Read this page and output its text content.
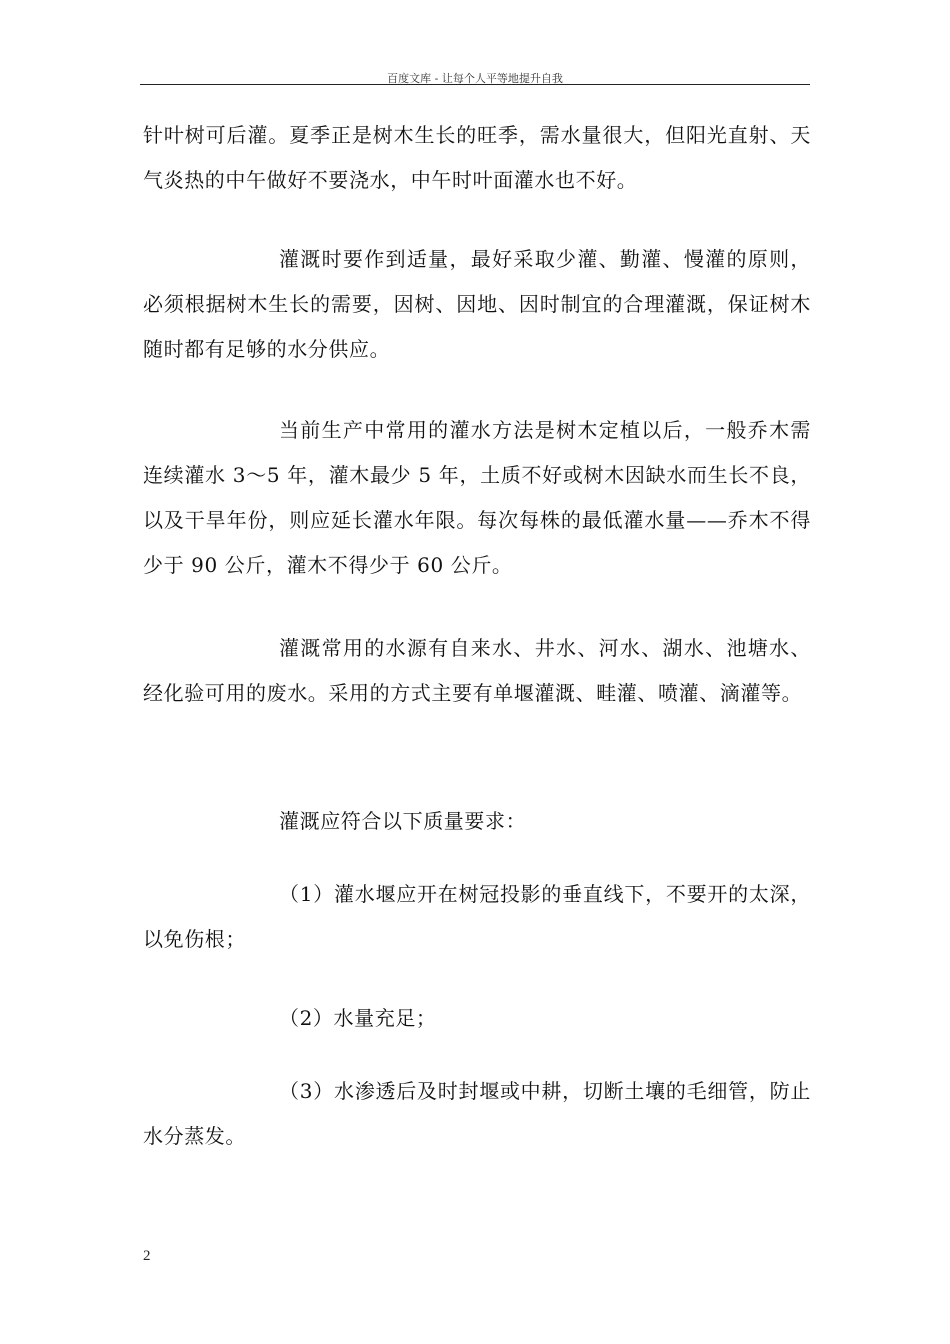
百度文库 - 让每个人平等地提升自我

针叶树可后灌。夏季正是树木生长的旺季，需水量很大，但阳光直射、天气炎热的中午做好不要浇水，中午时叶面灌水也不好。

灌溉时要作到适量，最好采取少灌、勤灌、慢灌的原则，必须根据树木生长的需要，因树、因地、因时制宜的合理灌溉，保证树木随时都有足够的水分供应。

当前生产中常用的灌水方法是树木定植以后，一般乔木需连续灌水 3～5 年，灌木最少 5 年，土质不好或树木因缺水而生长不良，以及干旱年份，则应延长灌水年限。每次每株的最低灌水量——乔木不得少于 90 公斤，灌木不得少于 60 公斤。

灌溉常用的水源有自来水、井水、河水、湖水、池塘水、经化验可用的废水。采用的方式主要有单堰灌溉、畦灌、喷灌、滴灌等。

灌溉应符合以下质量要求：

（1）灌水堰应开在树冠投影的垂直线下，不要开的太深，以免伤根；

（2）水量充足；

（3）水渗透后及时封堰或中耕，切断土壤的毛细管，防止水分蒸发。

2
